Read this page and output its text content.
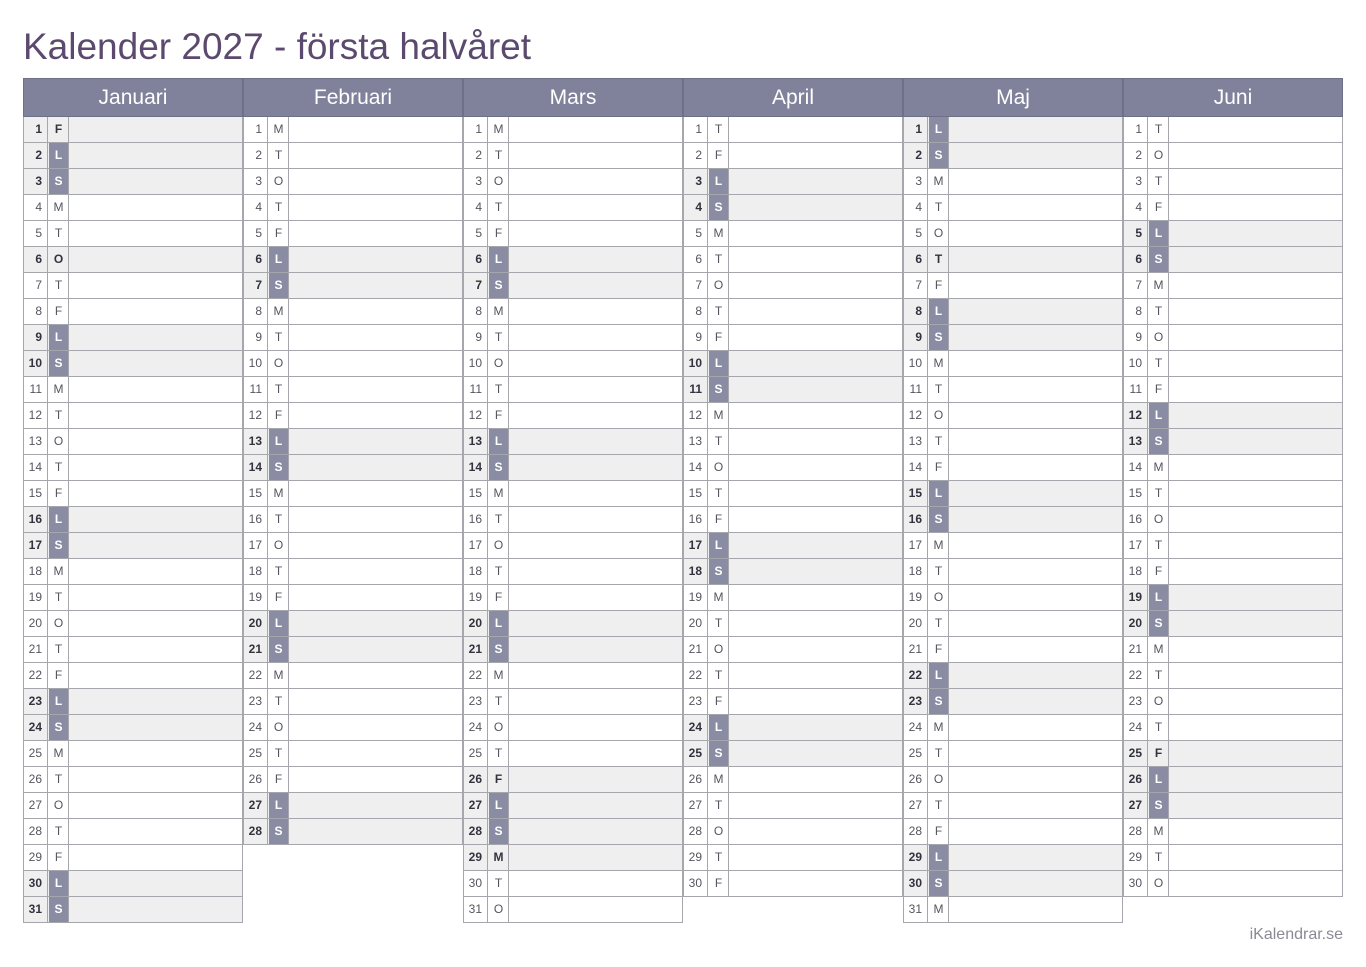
Kalender 2027 - första halvåret
Januari
1	F
2	L
3	S
4 M
5	T
6 O
7	T
8	F
9	L
10	S
11 M
12	T
13 O
14	T
15	F
16	L
17	S
18 M
19	T
20 O
21	T
22	F
23	L
24	S
25 M
26	T
27 O
28	T
29	F
30	L
31	S
Februari
1 M
2	T
3 O
4	T
5	F
6	L
7	S
8 M
9	T
10 O
11	T
12	F
13	L
14	S
15 M
16	T
17 O
18	T
19	F
20	L
21	S
22 M
23	T
24 O
25	T
26	F
27	L
28	S
Mars
1 M
2	T
3 O
4	T
5	F
6	L
7	S
8 M
9	T
10 O
11	T
12	F
13	L
14	S
15 M
16	T
17 O
18	T
19	F
20	L
21	S
22 M
23	T
24 O
25	T
26	F
27	L
28	S
29 M
30	T
31 O
April
1	T
2	F
3	L
4	S
5 M
6	T
7 O
8	T
9	F
10	L
11	S
12 M
13	T
14 O
15	T
16	F
17	L
18	S
19 M
20	T
21 O
22	T
23	F
24	L
25	S
26 M
27	T
28 O
29	T
30	F
Maj
1	L
2	S
3 M
4	T
5 O
6	T
7	F
8	L
9	S
10 M
11	T
12 O
13	T
14	F
15	L
16	S
17 M
18	T
19 O
20	T
21	F
22	L
23	S
24 M
25	T
26 O
27	T
28	F
29	L
30	S
31 M
Juni
1	T
2 O
3	T
4	F
5	L
6	S
7 M
8	T
9 O
10	T
11	F
12	L
13	S
14 M
15	T
16 O
17	T
18	F
19	L
20	S
21 M
22	T
23 O
24	T
25	F
26	L
27	S
28 M
29	T
30 O
iKalendrar.se
